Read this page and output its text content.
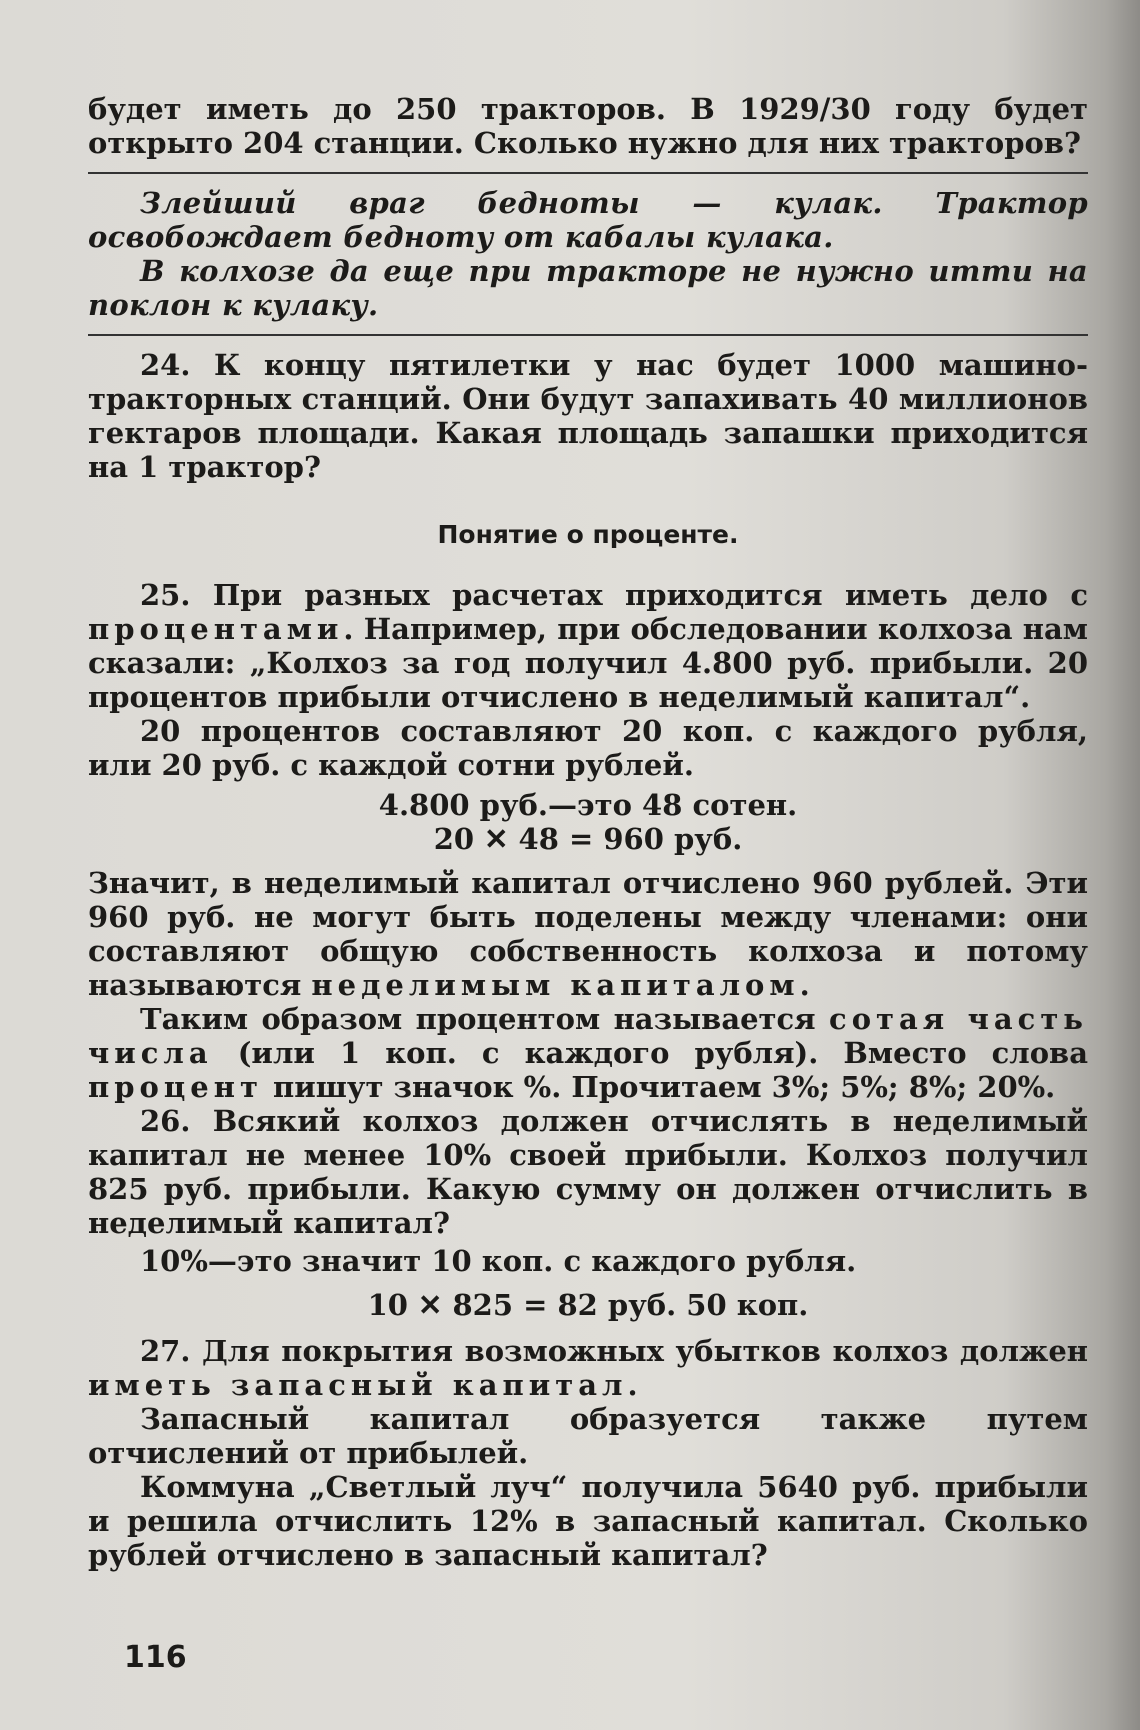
будет иметь до 250 тракторов. В 1929/30 году будет открыто 204 станции. Сколько нужно для них тракторов?

Злейший враг бедноты — кулак. Трактор освобождает бедноту от кабалы кулака.

В колхозе да еще при тракторе не нужно итти на поклон к кулаку.

24. К концу пятилетки у нас будет 1000 машино-тракторных станций. Они будут запахивать 40 миллионов гектаров площади. Какая площадь запашки приходится на 1 трактор?

Понятие о проценте.

25. При разных расчетах приходится иметь дело с процентами. Например, при обследовании колхоза нам сказали: „Колхоз за год получил 4.800 руб. прибыли. 20 процентов прибыли отчислено в неделимый капитал“.

20 процентов составляют 20 коп. с каждого рубля, или 20 руб. с каждой сотни рублей.

4.800 руб.—это 48 сотен.

20 ✕ 48 = 960 руб.

Значит, в неделимый капитал отчислено 960 рублей. Эти 960 руб. не могут быть поделены между членами: они составляют общую собственность колхоза и потому называются неделимым капиталом.

Таким образом процентом называется сотая часть числа (или 1 коп. с каждого рубля). Вместо слова процент пишут значок %. Прочитаем 3%; 5%; 8%; 20%.

26. Всякий колхоз должен отчислять в неделимый капитал не менее 10% своей прибыли. Колхоз получил 825 руб. прибыли. Какую сумму он должен отчислить в неделимый капитал?

10%—это значит 10 коп. с каждого рубля.

10 ✕ 825 = 82 руб. 50 коп.

27. Для покрытия возможных убытков колхоз должен иметь запасный капитал.

Запасный капитал образуется также путем отчислений от прибылей.

Коммуна „Светлый луч“ получила 5640 руб. прибыли и решила отчислить 12% в запасный капитал. Сколько рублей отчислено в запасный капитал?

116
